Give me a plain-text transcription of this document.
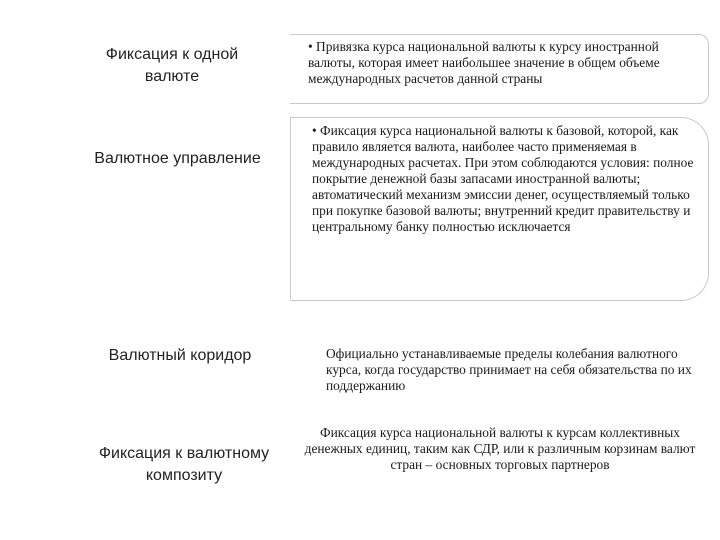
Фиксация к одной валюте
Валютное управление
Валютный коридор
Фиксация к валютному композиту

• Привязка курса национальной валюты к курсу иностранной валюты, которая имеет наибольшее значение в общем объеме международных расчетов данной страны

• Фиксация курса национальной валюты к базовой, которой, как правило является валюта, наиболее часто применяемая в международных расчетах. При этом соблюдаются условия: полное покрытие денежной базы запасами иностранной валюты; автоматический механизм эмиссии денег, осуществляемый только при покупке базовой валюты; внутренний кредит правительству и центральному банку полностью исключается

Официально устанавливаемые пределы колебания валютного курса, когда государство принимает на себя обязательства по их поддержанию
Фиксация курса национальной валюты к курсам коллективных денежных единиц, таким как СДР, или к различным корзинам валют стран – основных торговых партнеров
